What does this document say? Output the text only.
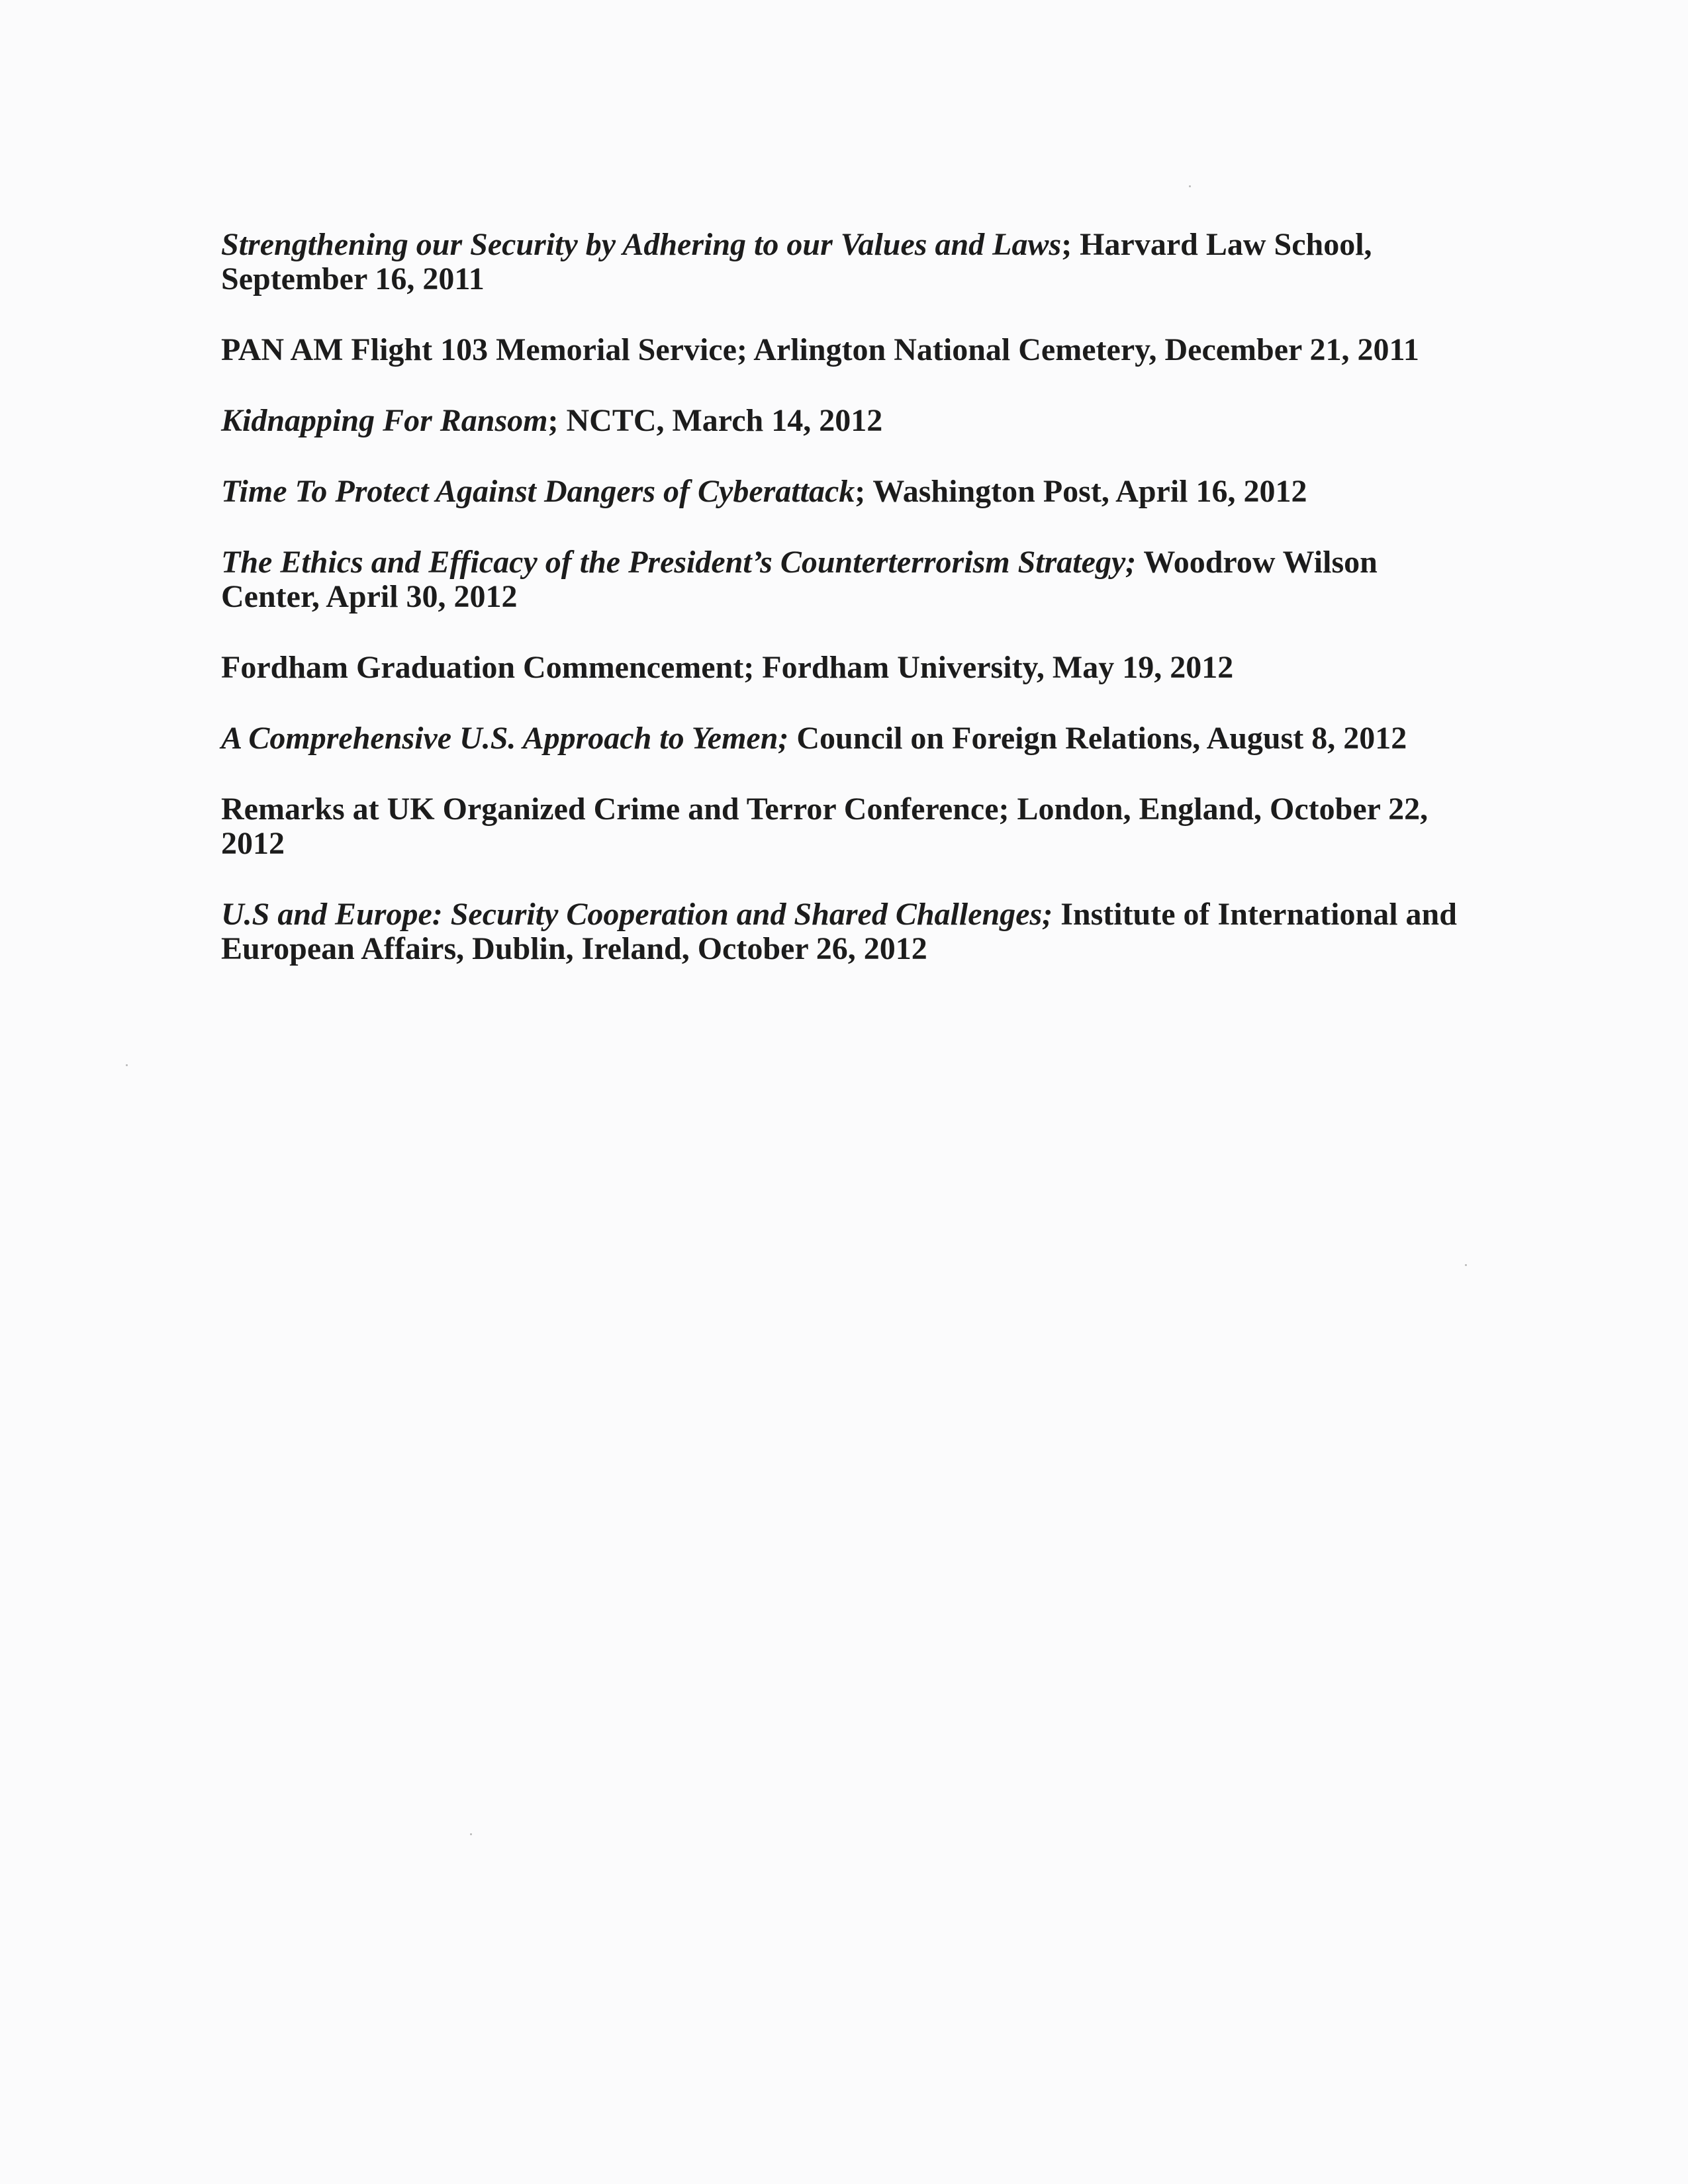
Strengthening our Security by Adhering to our Values and Laws; Harvard Law School, September 16, 2011

PAN AM Flight 103 Memorial Service; Arlington National Cemetery, December 21, 2011

Kidnapping For Ransom; NCTC, March 14, 2012

Time To Protect Against Dangers of Cyberattack; Washington Post, April 16, 2012

The Ethics and Efficacy of the President’s Counterterrorism Strategy; Woodrow Wilson Center, April 30, 2012

Fordham Graduation Commencement; Fordham University, May 19, 2012

A Comprehensive U.S. Approach to Yemen; Council on Foreign Relations, August 8, 2012

Remarks at UK Organized Crime and Terror Conference; London, England, October 22, 2012

U.S and Europe: Security Cooperation and Shared Challenges; Institute of International and European Affairs, Dublin, Ireland, October 26, 2012
